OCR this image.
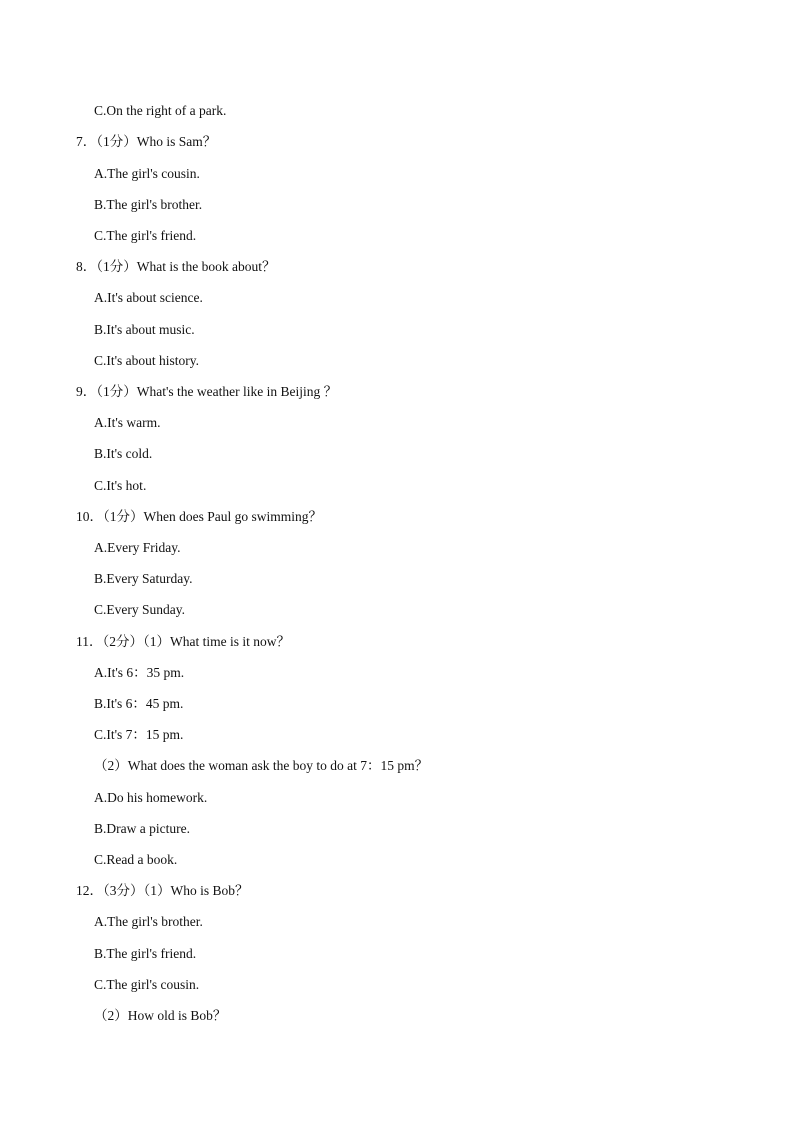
C.On the right of a park.
7．（1分）Who is Sam？
A.The girl's cousin.
B.The girl's brother.
C.The girl's friend.
8．（1分）What is the book about？
A.It's about science.
B.It's about music.
C.It's about history.
9．（1分）What's the weather like in Beijing ？
A.It's warm.
B.It's cold.
C.It's hot.
10．（1分）When does Paul go swimming？
A.Every Friday.
B.Every Saturday.
C.Every Sunday.
11．（2分）（1）What time is it now？
A.It's 6：35 pm.
B.It's 6：45 pm.
C.It's 7：15 pm.
（2）What does the woman ask the boy to do at 7：15 pm？
A.Do his homework.
B.Draw a picture.
C.Read a book.
12．（3分）（1）Who is Bob？
A.The girl's brother.
B.The girl's friend.
C.The girl's cousin.
（2）How old is Bob？
